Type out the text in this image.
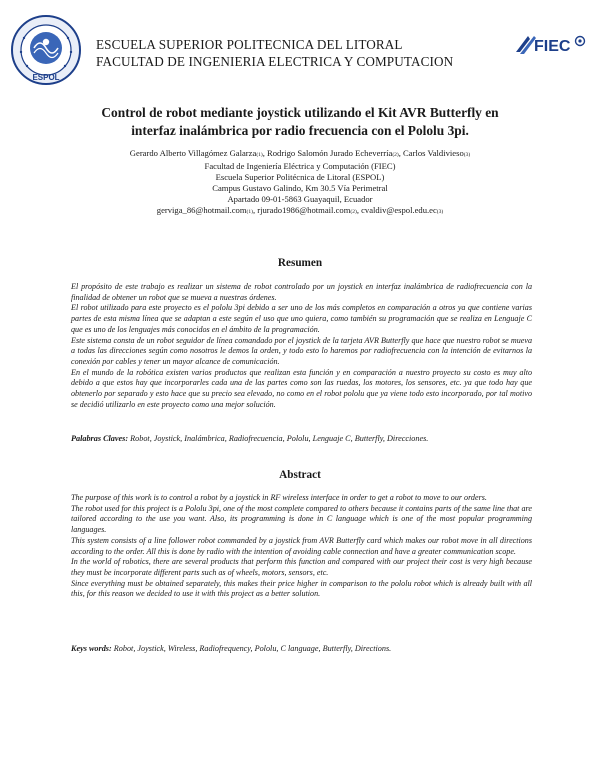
ESPOL
ESCUELA SUPERIOR POLITECNICA DEL LITORAL
FACULTAD DE INGENIERIA ELECTRICA Y COMPUTACION
FIEC
Control de robot mediante joystick utilizando el Kit AVR Butterfly en
interfaz inalámbrica por radio frecuencia con el Pololu 3pi.
Gerardo Alberto Villagómez Galarza(1), Rodrigo Salomón Jurado Echeverría(2), Carlos Valdivieso(3)
Facultad de Ingeniería Eléctrica y Computación (FIEC)
Escuela Superior Politécnica de Litoral (ESPOL)
Campus Gustavo Galindo, Km 30.5 Vía Perimetral
Apartado 09-01-5863 Guayaquil, Ecuador
gerviga_86@hotmail.com(1), rjurado1986@hotmail.com(2), cvaldiv@espol.edu.ec(3)
Resumen

El propósito de este trabajo es realizar un sistema de robot controlado por un joystick en interfaz inalámbrica de radiofrecuencia con la finalidad de obtener un robot que se mueva a nuestras órdenes.

El robot utilizado para este proyecto es el pololu 3pi debido a ser uno de los más completos en comparación a otros ya que contiene varias partes de esta misma línea que se adaptan a este según el uso que uno quiera, como también su programación que se realiza en Lenguaje C que es uno de los lenguajes más conocidos en el ámbito de la programación.

Este sistema consta de un robot seguidor de línea comandado por el joystick de la tarjeta AVR Butterfly que hace que nuestro robot se mueva a todas las direcciones según como nosotros le demos la orden, y todo esto lo haremos por radiofrecuencia con la intención de evitarnos la conexión por cables y tener un mayor alcance de comunicación.

En el mundo de la robótica existen varios productos que realizan esta función y en comparación a nuestro proyecto su costo es muy alto debido a que estos hay que incorporarles cada una de las partes como son las ruedas, los motores, los sensores, etc. ya que todo hay que obtenerlo por separado y esto hace que su precio sea elevado, no como en el robot pololu que ya viene todo esto incorporado, por tal motivo se decidió utilizarlo en este proyecto como una mejor solución.

Palabras Claves: Robot, Joystick, Inalámbrica, Radiofrecuencia, Pololu, Lenguaje C, Butterfly, Direcciones.
Abstract

The purpose of this work is to control a robot by a joystick in RF wireless interface in order to get a robot to move to our orders.

The robot used for this project is a Pololu 3pi, one of the most complete compared to others because it contains parts of the same line that are tailored according to the use you want. Also, its programming is done in C language which is one of the most popular programming languages.

This system consists of a line follower robot commanded by a joystick from AVR Butterfly card which makes our robot move in all directions according to the order. All this is done by radio with the intention of avoiding cable connection and have a greater communication scope.

In the world of robotics, there are several products that perform this function and compared with our project their cost is very high because they must be incorporate different parts such as of wheels, motors, sensors, etc.

Since everything must be obtained separately, this makes their price higher in comparison to the pololu robot which is already built with all this, for this reason we decided to use it with this project as a better solution.

Keys words: Robot, Joystick, Wireless, Radiofrequency, Pololu, C language, Butterfly, Directions.
